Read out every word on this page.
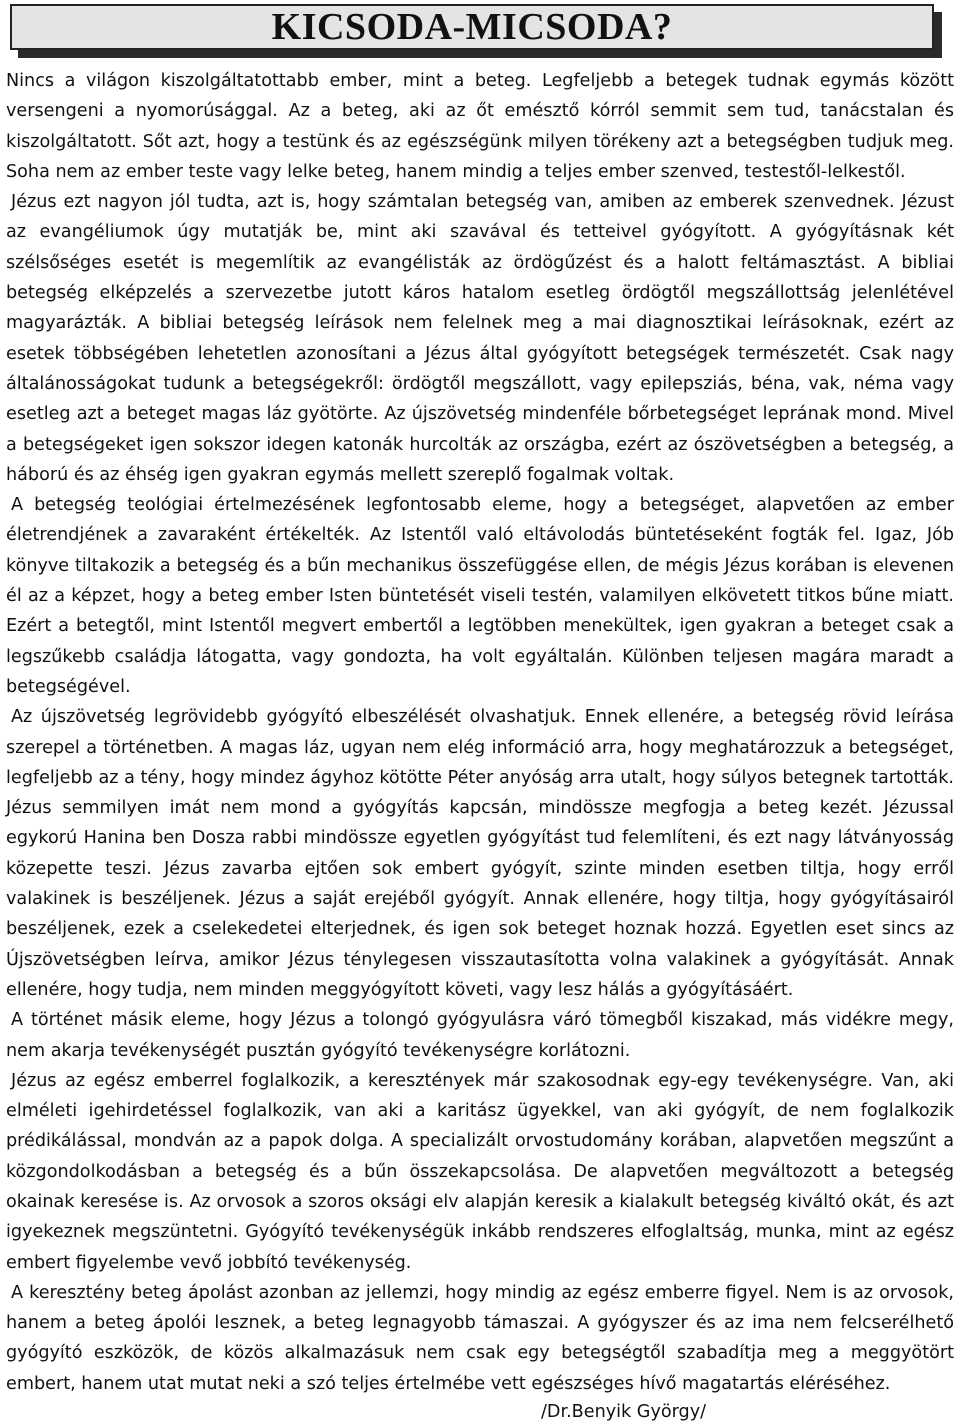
KICSODA-MICSODA?

Nincs a világon kiszolgáltatottabb ember, mint a beteg. Legfeljebb a betegek tudnak egymás között versengeni a nyomorúsággal. Az a beteg, aki az őt emésztő kórról semmit sem tud, tanácstalan és kiszolgáltatott. Sőt azt, hogy a testünk és az egészségünk milyen törékeny azt a betegségben tudjuk meg. Soha nem az ember teste vagy lelke beteg, hanem mindig a teljes ember szenved, testestől-lelkestől.

Jézus ezt nagyon jól tudta, azt is, hogy számtalan betegség van, amiben az emberek szenvednek. Jézust az evangéliumok úgy mutatják be, mint aki szavával és tetteivel gyógyított. A gyógyításnak két szélsőséges esetét is megemlítik az evangélisták az ördögűzést és a halott feltámasztást. A bibliai betegség elképzelés a szervezetbe jutott káros hatalom esetleg ördögtől megszállottság jelenlétével magyarázták. A bibliai betegség leírások nem felelnek meg a mai diagnosztikai leírásoknak, ezért az esetek többségében lehetetlen azonosítani a Jézus által gyógyított betegségek természetét. Csak nagy általánosságokat tudunk a betegségekről: ördögtől megszállott, vagy epilepsziás, béna, vak, néma vagy esetleg azt a beteget magas láz gyötörte. Az újszövetség mindenféle bőrbetegséget leprának mond. Mivel a betegségeket igen sokszor idegen katonák hurcolták az országba, ezért az ószövetségben a betegség, a háború és az éhség igen gyakran egymás mellett szereplő fogalmak voltak.

A betegség teológiai értelmezésének legfontosabb eleme, hogy a betegséget, alapvetően az ember életrendjének a zavaraként értékelték. Az Istentől való eltávolodás büntetéseként fogták fel. Igaz, Jób könyve tiltakozik a betegség és a bűn mechanikus összefüggése ellen, de mégis Jézus korában is elevenen él az a képzet, hogy a beteg ember Isten büntetését viseli testén, valamilyen elkövetett titkos bűne miatt. Ezért a betegtől, mint Istentől megvert embertől a legtöbben menekültek, igen gyakran a beteget csak a legszűkebb családja látogatta, vagy gondozta, ha volt egyáltalán. Különben teljesen magára maradt a betegségével.

Az újszövetség legrövidebb gyógyító elbeszélését olvashatjuk. Ennek ellenére, a betegség rövid leírása szerepel a történetben. A magas láz, ugyan nem elég információ arra, hogy meghatározzuk a betegséget, legfeljebb az a tény, hogy mindez ágyhoz kötötte Péter anyóság arra utalt, hogy súlyos betegnek tartották. Jézus semmilyen imát nem mond a gyógyítás kapcsán, mindössze megfogja a beteg kezét. Jézussal egykorú Hanina ben Dosza rabbi mindössze egyetlen gyógyítást tud felemlíteni, és ezt nagy látványosság közepette teszi. Jézus zavarba ejtően sok embert gyógyít, szinte minden esetben tiltja, hogy erről valakinek is beszéljenek. Jézus a saját erejéből gyógyít. Annak ellenére, hogy tiltja, hogy gyógyításairól beszéljenek, ezek a cselekedetei elterjednek, és igen sok beteget hoznak hozzá. Egyetlen eset sincs az Újszövetségben leírva, amikor Jézus ténylegesen visszautasította volna valakinek a gyógyítását. Annak ellenére, hogy tudja, nem minden meggyógyított követi, vagy lesz hálás a gyógyításáért.

A történet másik eleme, hogy Jézus a tolongó gyógyulásra váró tömegből kiszakad, más vidékre megy, nem akarja tevékenységét pusztán gyógyító tevékenységre korlátozni.

Jézus az egész emberrel foglalkozik, a keresztények már szakosodnak egy-egy tevékenységre. Van, aki elméleti igehirdetéssel foglalkozik, van aki a karitász ügyekkel, van aki gyógyít, de nem foglalkozik prédikálással, mondván az a papok dolga. A specializált orvostudomány korában, alapvetően megszűnt a közgondolkodásban a betegség és a bűn összekapcsolása. De alapvetően megváltozott a betegség okainak keresése is. Az orvosok a szoros oksági elv alapján keresik a kialakult betegség kiváltó okát, és azt igyekeznek megszüntetni. Gyógyító tevékenységük inkább rendszeres elfoglaltság, munka, mint az egész embert figyelembe vevő jobbító tevékenység.

A keresztény beteg ápolást azonban az jellemzi, hogy mindig az egész emberre figyel. Nem is az orvosok, hanem a beteg ápolói lesznek, a beteg legnagyobb támaszai. A gyógyszer és az ima nem felcserélhető gyógyító eszközök, de közös alkalmazásuk nem csak egy betegségtől szabadítja meg a meggyötört embert, hanem utat mutat neki a szó teljes értelmébe vett egészséges hívő magatartás eléréséhez.

/Dr.Benyik György/
